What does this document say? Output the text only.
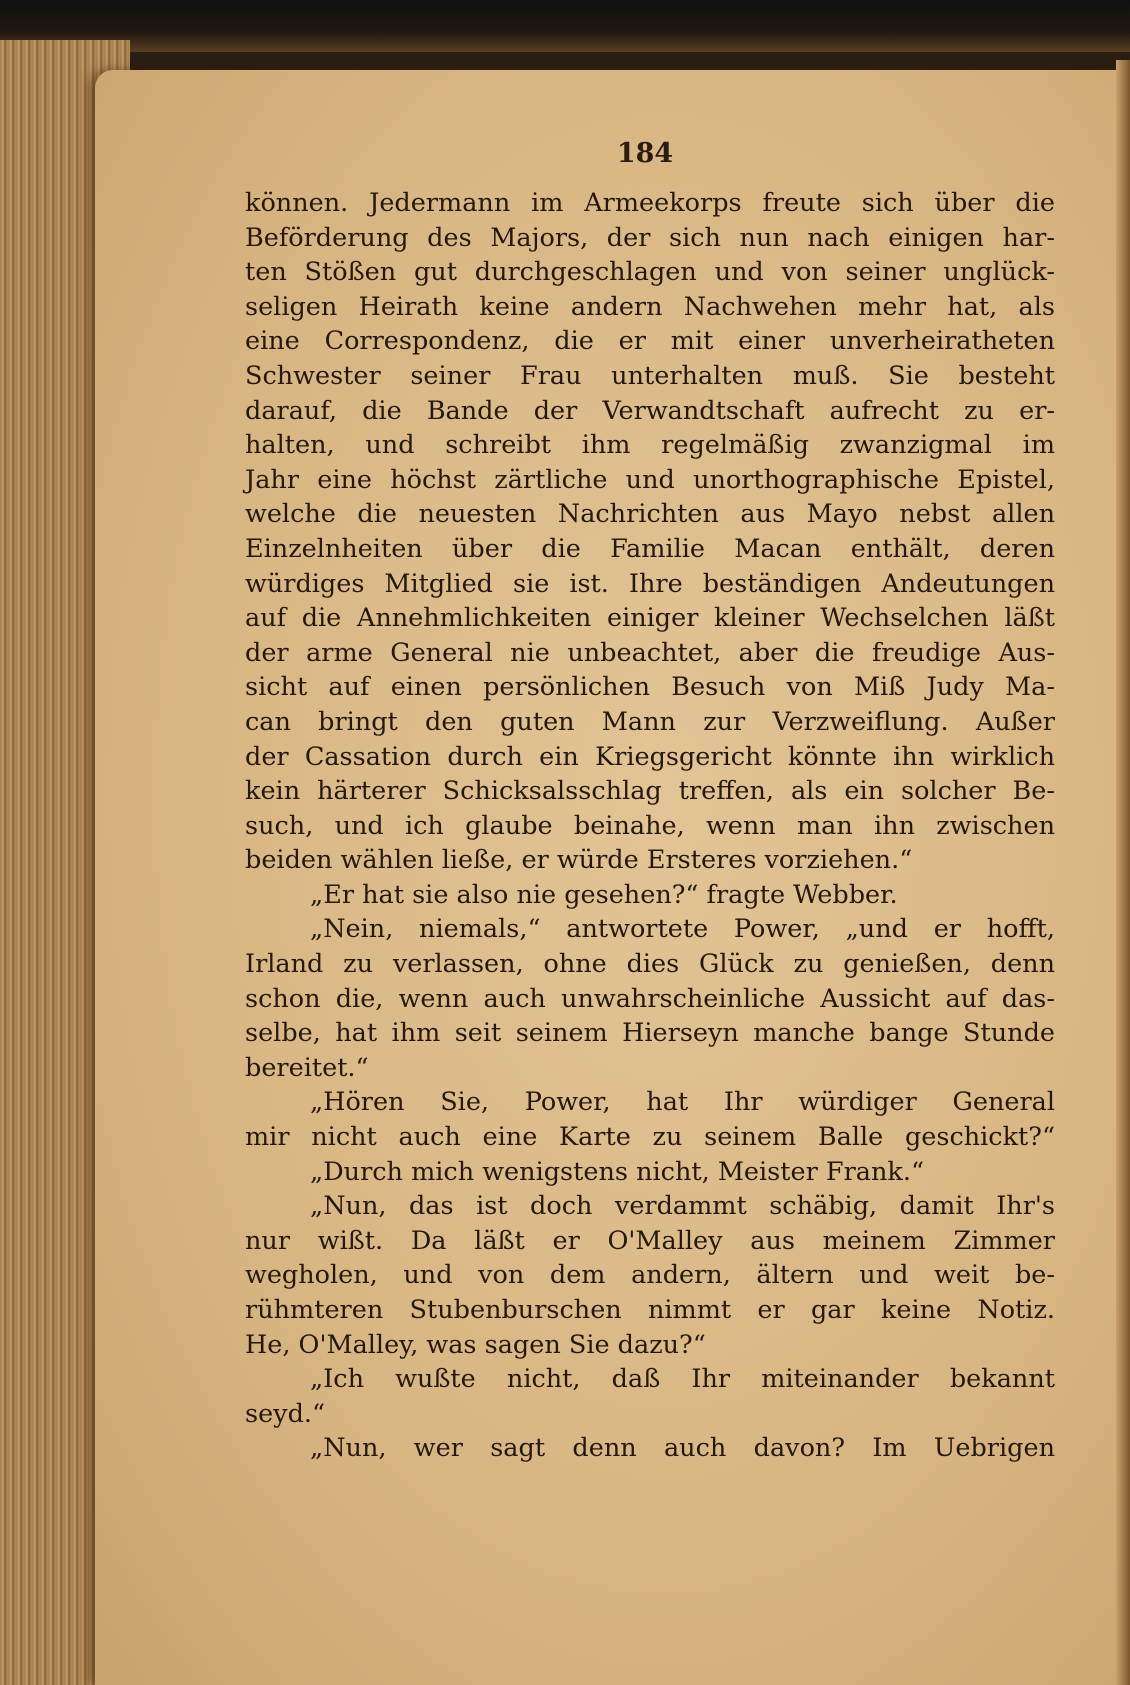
184
können. Jedermann im Armeekorps freute sich über die
Beförderung des Majors, der sich nun nach einigen har-
ten Stößen gut durchgeschlagen und von seiner unglück-
seligen Heirath keine andern Nachwehen mehr hat, als
eine Correspondenz, die er mit einer unverheiratheten
Schwester seiner Frau unterhalten muß. Sie besteht
darauf, die Bande der Verwandtschaft aufrecht zu er-
halten, und schreibt ihm regelmäßig zwanzigmal im
Jahr eine höchst zärtliche und unorthographische Epistel,
welche die neuesten Nachrichten aus Mayo nebst allen
Einzelnheiten über die Familie Macan enthält, deren
würdiges Mitglied sie ist. Ihre beständigen Andeutungen
auf die Annehmlichkeiten einiger kleiner Wechselchen läßt
der arme General nie unbeachtet, aber die freudige Aus-
sicht auf einen persönlichen Besuch von Miß Judy Ma-
can bringt den guten Mann zur Verzweiflung. Außer
der Cassation durch ein Kriegsgericht könnte ihn wirklich
kein härterer Schicksalsschlag treffen, als ein solcher Be-
such, und ich glaube beinahe, wenn man ihn zwischen
beiden wählen ließe, er würde Ersteres vorziehen.“
„Er hat sie also nie gesehen?“ fragte Webber.
„Nein, niemals,“ antwortete Power, „und er hofft,
Irland zu verlassen, ohne dies Glück zu genießen, denn
schon die, wenn auch unwahrscheinliche Aussicht auf das-
selbe, hat ihm seit seinem Hierseyn manche bange Stunde
bereitet.“
„Hören Sie, Power, hat Ihr würdiger General
mir nicht auch eine Karte zu seinem Balle geschickt?“
„Durch mich wenigstens nicht, Meister Frank.“
„Nun, das ist doch verdammt schäbig, damit Ihr's
nur wißt. Da läßt er O'Malley aus meinem Zimmer
wegholen, und von dem andern, ältern und weit be-
rühmteren Stubenburschen nimmt er gar keine Notiz.
He, O'Malley, was sagen Sie dazu?“
„Ich wußte nicht, daß Ihr miteinander bekannt
seyd.“
„Nun, wer sagt denn auch davon? Im Uebrigen
